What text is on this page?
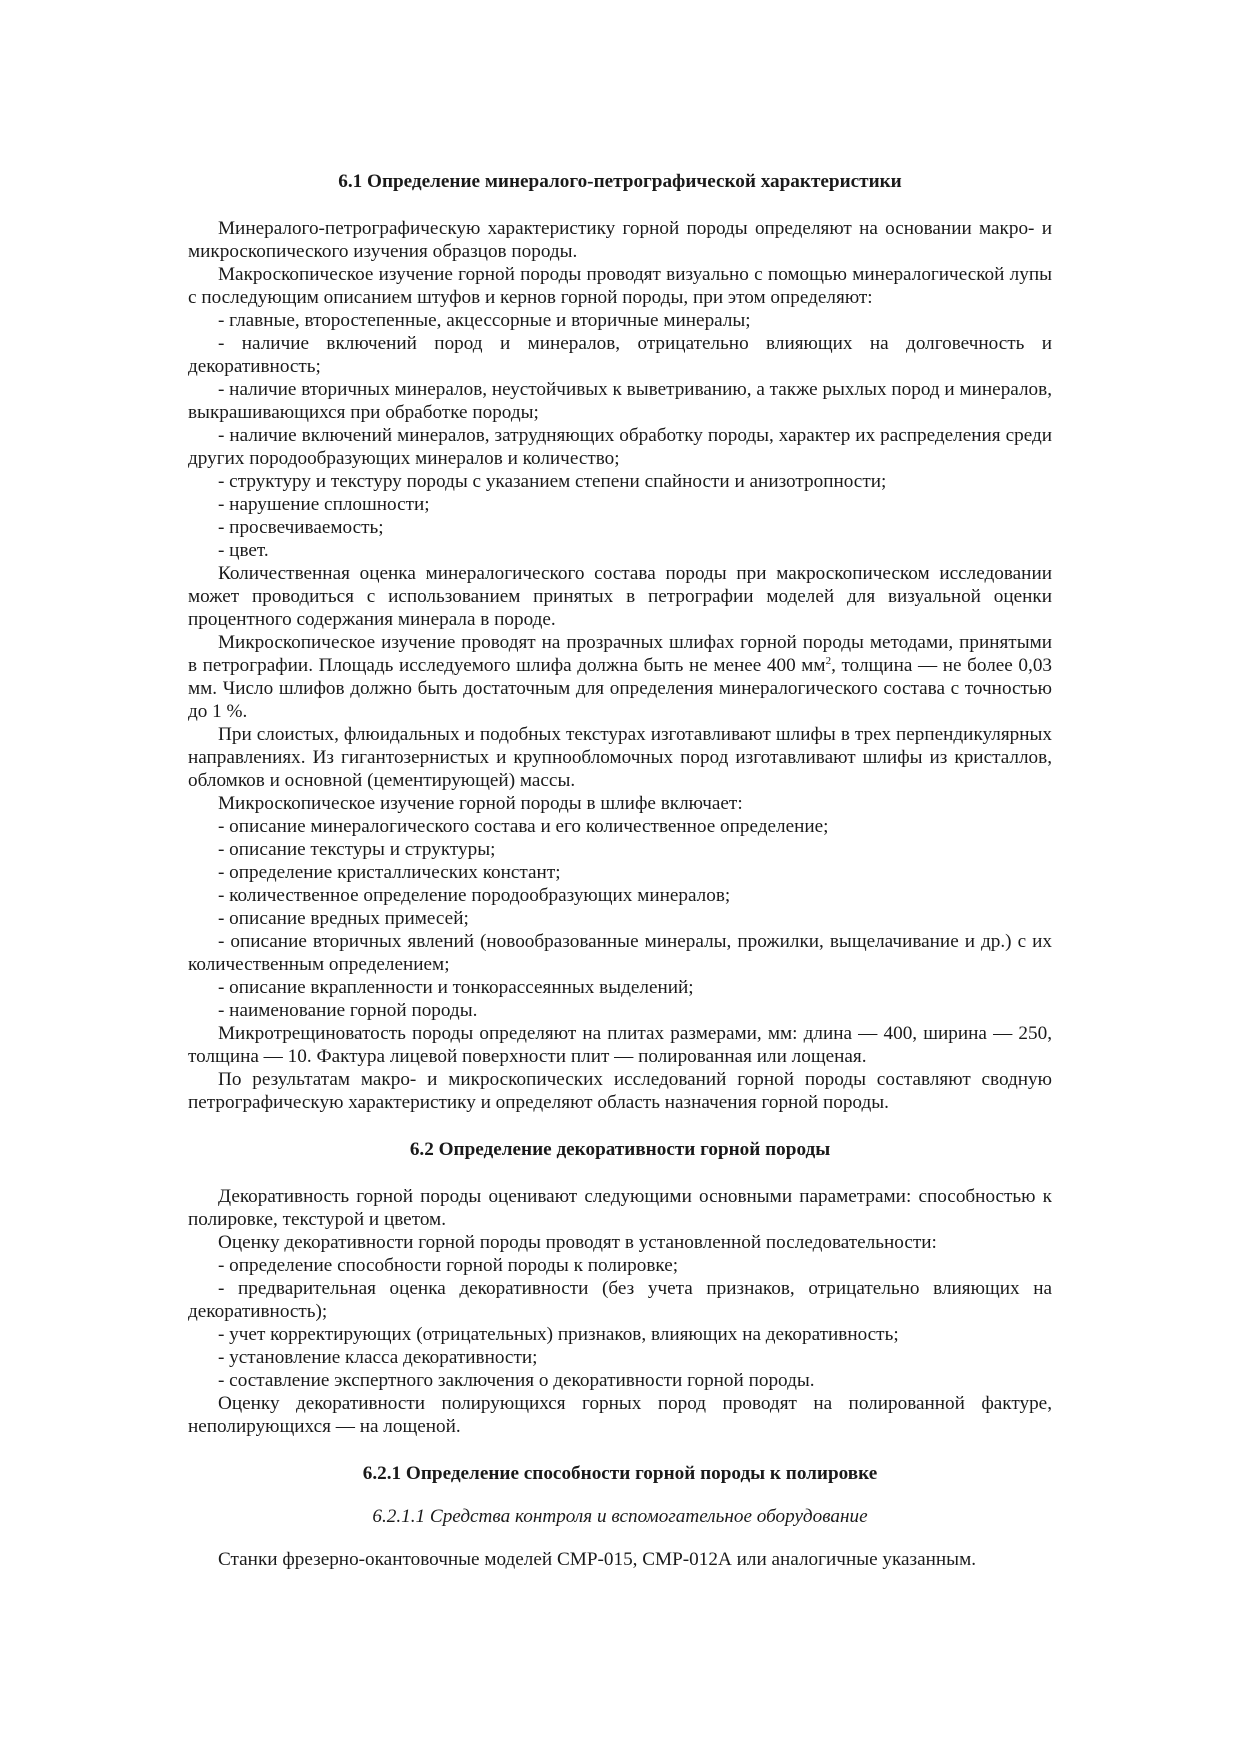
6.1 Определение минералого-петрографической характеристики

Минералого-петрографическую характеристику горной породы определяют на основании макро- и микроскопического изучения образцов породы.

Макроскопическое изучение горной породы проводят визуально с помощью минералогической лупы с последующим описанием штуфов и кернов горной породы, при этом определяют:

- главные, второстепенные, акцессорные и вторичные минералы;

- наличие включений пород и минералов, отрицательно влияющих на долговечность и декоративность;

- наличие вторичных минералов, неустойчивых к выветриванию, а также рыхлых пород и минералов, выкрашивающихся при обработке породы;

- наличие включений минералов, затрудняющих обработку породы, характер их распределения среди других породообразующих минералов и количество;

- структуру и текстуру породы с указанием степени спайности и анизотропности;

- нарушение сплошности;

- просвечиваемость;

- цвет.

Количественная оценка минералогического состава породы при макроскопическом исследовании может проводиться с использованием принятых в петрографии моделей для визуальной оценки процентного содержания минерала в породе.

Микроскопическое изучение проводят на прозрачных шлифах горной породы методами, принятыми в петрографии. Площадь исследуемого шлифа должна быть не менее 400 $мм^2$, толщина — не более 0,03 мм. Число шлифов должно быть достаточным для определения минералогического состава с точностью до 1 %.

При слоистых, флюидальных и подобных текстурах изготавливают шлифы в трех перпендикулярных направлениях. Из гигантозернистых и крупнообломочных пород изготавливают шлифы из кристаллов, обломков и основной (цементирующей) массы.

Микроскопическое изучение горной породы в шлифе включает:

- описание минералогического состава и его количественное определение;

- описание текстуры и структуры;

- определение кристаллических констант;

- количественное определение породообразующих минералов;

- описание вредных примесей;

- описание вторичных явлений (новообразованные минералы, прожилки, выщелачивание и др.) с их количественным определением;

- описание вкрапленности и тонкорассеянных выделений;

- наименование горной породы.

Микротрещиноватость породы определяют на плитах размерами, мм: длина — 400, ширина — 250, толщина — 10. Фактура лицевой поверхности плит — полированная или лощеная.

По результатам макро- и микроскопических исследований горной породы составляют сводную петрографическую характеристику и определяют область назначения горной породы.

6.2 Определение декоративности горной породы

Декоративность горной породы оценивают следующими основными параметрами: способностью к полировке, текстурой и цветом.

Оценку декоративности горной породы проводят в установленной последовательности:

- определение способности горной породы к полировке;

- предварительная оценка декоративности (без учета признаков, отрицательно влияющих на декоративность);

- учет корректирующих (отрицательных) признаков, влияющих на декоративность;

- установление класса декоративности;

- составление экспертного заключения о декоративности горной породы.

Оценку декоративности полирующихся горных пород проводят на полированной фактуре, неполирующихся — на лощеной.

6.2.1 Определение способности горной породы к полировке
6.2.1.1 Средства контроля и вспомогательное оборудование

Станки фрезерно-окантовочные моделей СМР-015, СМР-012А или аналогичные указанным.
